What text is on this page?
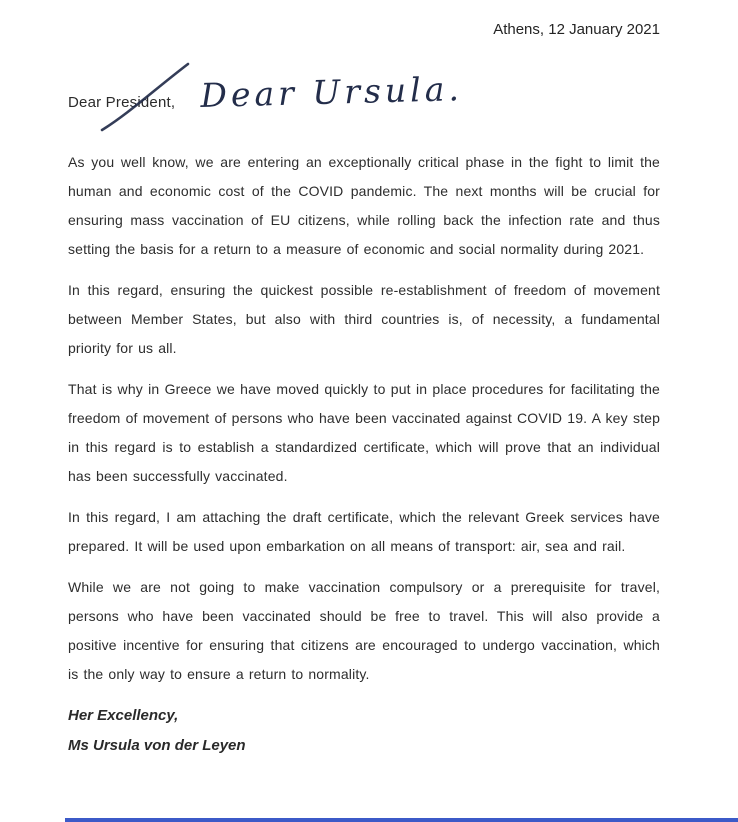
Athens, 12 January 2021
Dear President, Dear Ursula.

As you well know, we are entering an exceptionally critical phase in the fight to limit the human and economic cost of the COVID pandemic. The next months will be crucial for ensuring mass vaccination of EU citizens, while rolling back the infection rate and thus setting the basis for a return to a measure of economic and social normality during 2021.

In this regard, ensuring the quickest possible re-establishment of freedom of movement between Member States, but also with third countries is, of necessity, a fundamental priority for us all.

That is why in Greece we have moved quickly to put in place procedures for facilitating the freedom of movement of persons who have been vaccinated against COVID 19. A key step in this regard is to establish a standardized certificate, which will prove that an individual has been successfully vaccinated.

In this regard, I am attaching the draft certificate, which the relevant Greek services have prepared. It will be used upon embarkation on all means of transport: air, sea and rail.

While we are not going to make vaccination compulsory or a prerequisite for travel, persons who have been vaccinated should be free to travel. This will also provide a positive incentive for ensuring that citizens are encouraged to undergo vaccination, which is the only way to ensure a return to normality.

Her Excellency,

Ms Ursula von der Leyen
